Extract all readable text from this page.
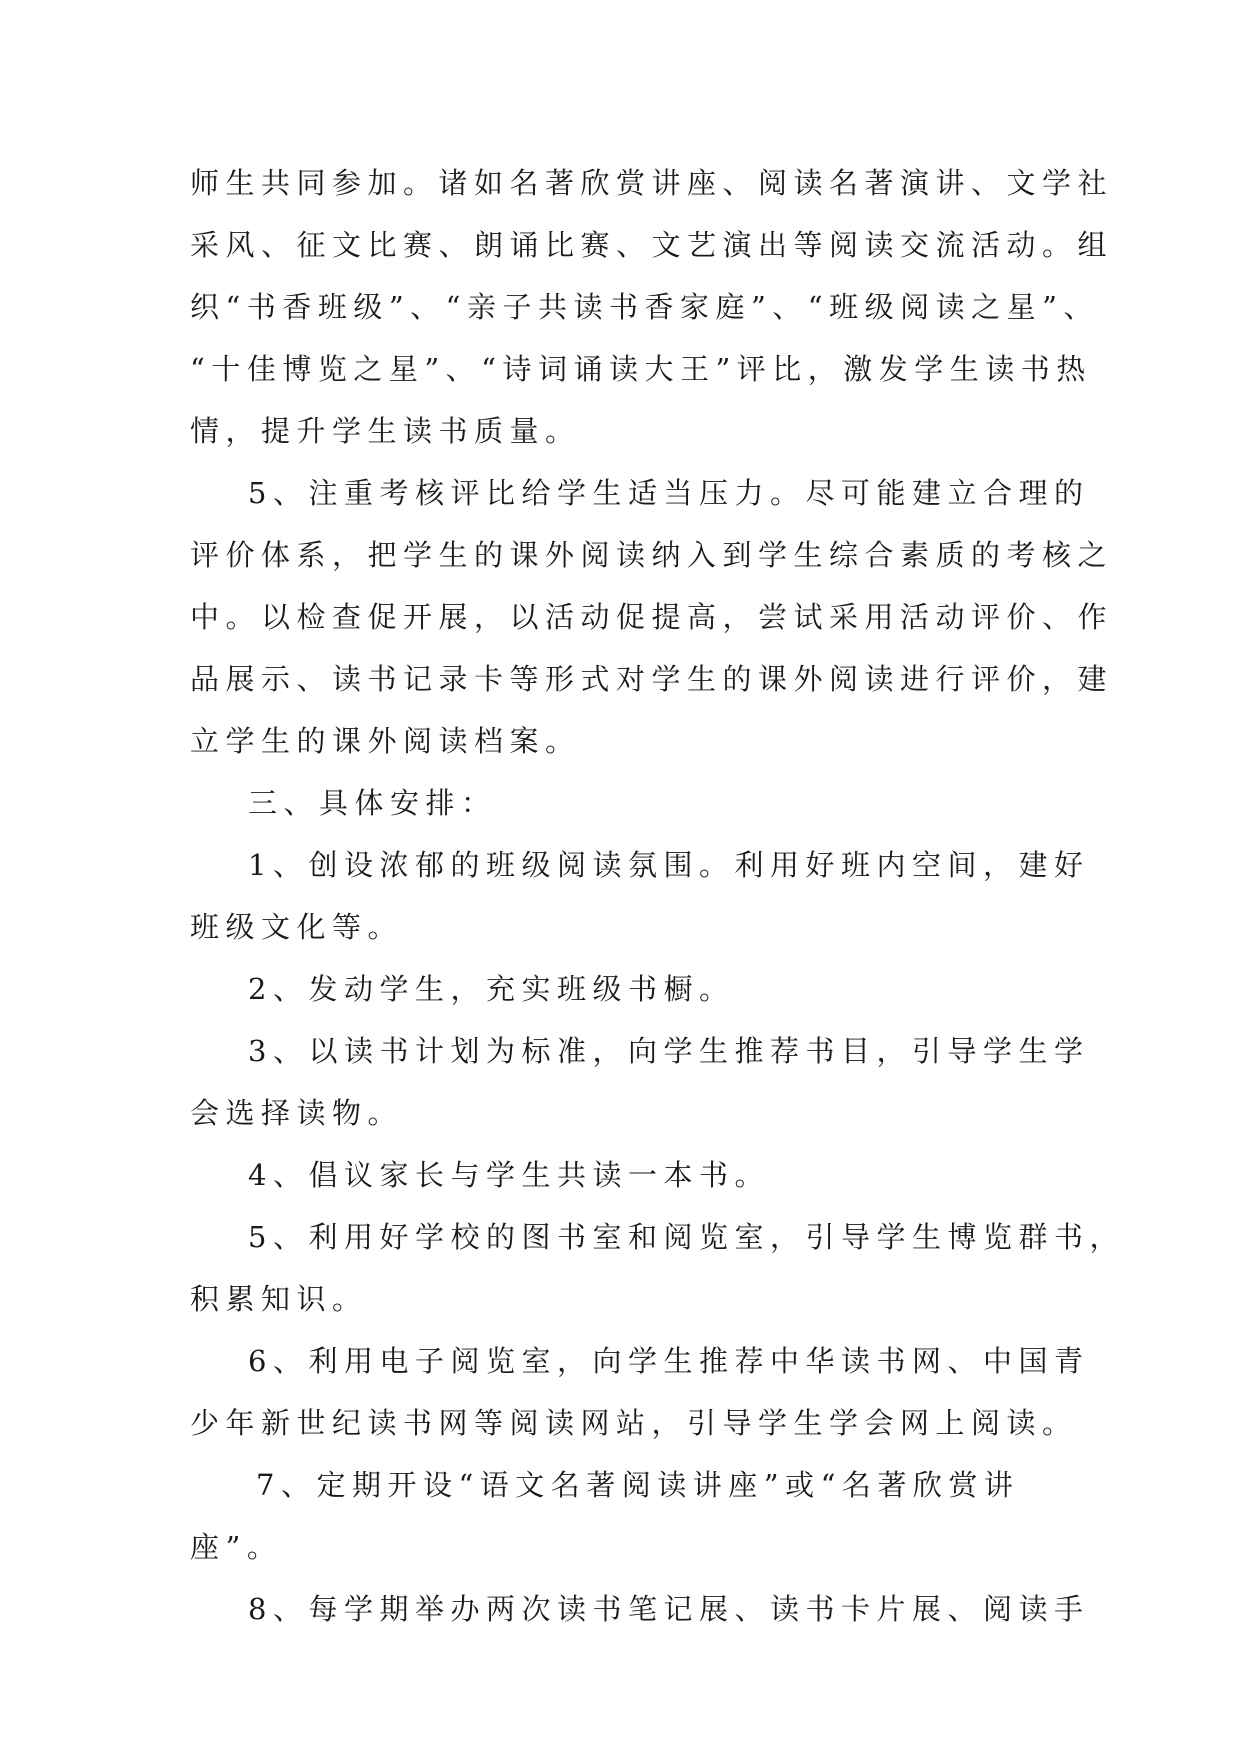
师生共同参加。诸如名著欣赏讲座、阅读名著演讲、文学社
采风、征文比赛、朗诵比赛、文艺演出等阅读交流活动。组
织“书香班级”、“亲子共读书香家庭”、“班级阅读之星”、
“十佳博览之星”、“诗词诵读大王”评比，激发学生读书热
情，提升学生读书质量。
5、注重考核评比给学生适当压力。尽可能建立合理的
评价体系，把学生的课外阅读纳入到学生综合素质的考核之
中。以检查促开展，以活动促提高，尝试采用活动评价、作
品展示、读书记录卡等形式对学生的课外阅读进行评价，建
立学生的课外阅读档案。
三、具体安排：
1、创设浓郁的班级阅读氛围。利用好班内空间，建好
班级文化等。
2、发动学生，充实班级书橱。
3、以读书计划为标准，向学生推荐书目，引导学生学
会选择读物。
4、倡议家长与学生共读一本书。
5、利用好学校的图书室和阅览室，引导学生博览群书，
积累知识。
6、利用电子阅览室，向学生推荐中华读书网、中国青
少年新世纪读书网等阅读网站，引导学生学会网上阅读。
7、定期开设“语文名著阅读讲座”或“名著欣赏讲
座”。
8、每学期举办两次读书笔记展、读书卡片展、阅读手
